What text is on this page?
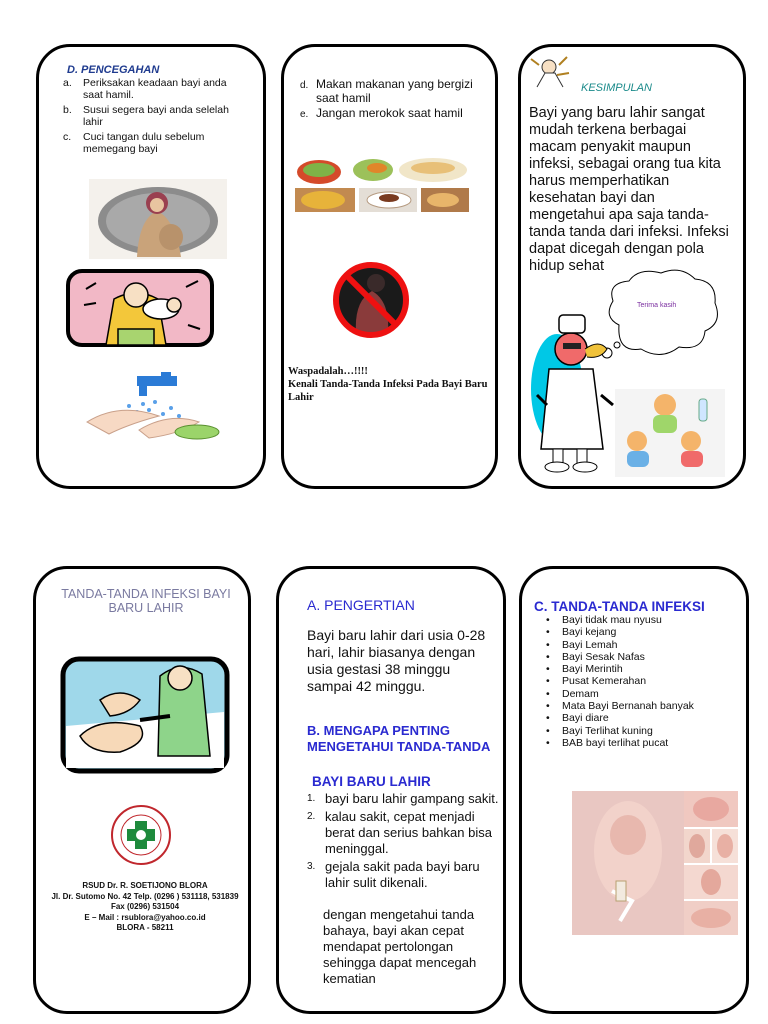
D. PENCEGAHAN
a. Periksakan keadaan bayi anda saat hamil.
b. Susui segera bayi anda selelah lahir
c. Cuci tangan dulu sebelum memegang bayi
d. Makan makanan yang bergizi saat hamil
e. Jangan merokok saat hamil
Waspadalah…!!!!
Kenali Tanda-Tanda Infeksi Pada Bayi Baru Lahir
KESIMPULAN
Bayi yang baru lahir sangat mudah terkena berbagai macam penyakit maupun infeksi, sebagai orang tua kita harus memperhatikan kesehatan bayi dan mengetahui apa saja tanda-tanda tanda dari infeksi. Infeksi dapat dicegah dengan pola hidup sehat
Terima kasih
TANDA-TANDA INFEKSI BAYI BARU LAHIR
RSUD Dr. R. SOETIJONO BLORA
Jl. Dr. Sutomo No. 42 Telp. (0296 ) 531118, 531839
Fax (0296) 531504
E – Mail : rsublora@yahoo.co.id
BLORA - 58211
A. PENGERTIAN
Bayi baru lahir dari usia 0-28 hari, lahir biasanya dengan usia gestasi 38 minggu sampai 42 minggu.
B. MENGAPA PENTING MENGETAHUI TANDA-TANDA
BAYI BARU LAHIR
1. bayi baru lahir gampang sakit.
2. kalau sakit, cepat menjadi berat dan serius bahkan bisa meninggal.
3. gejala sakit pada bayi baru lahir sulit dikenali.
dengan mengetahui tanda bahaya, bayi akan cepat mendapat pertolongan sehingga dapat mencegah kematian
C. TANDA-TANDA INFEKSI
• Bayi tidak mau nyusu
• Bayi kejang
• Bayi Lemah
• Bayi Sesak Nafas
• Bayi Merintih
• Pusat Kemerahan
• Demam
• Mata Bayi Bernanah banyak
• Bayi diare
• Bayi Terlihat kuning
• BAB bayi terlihat pucat
